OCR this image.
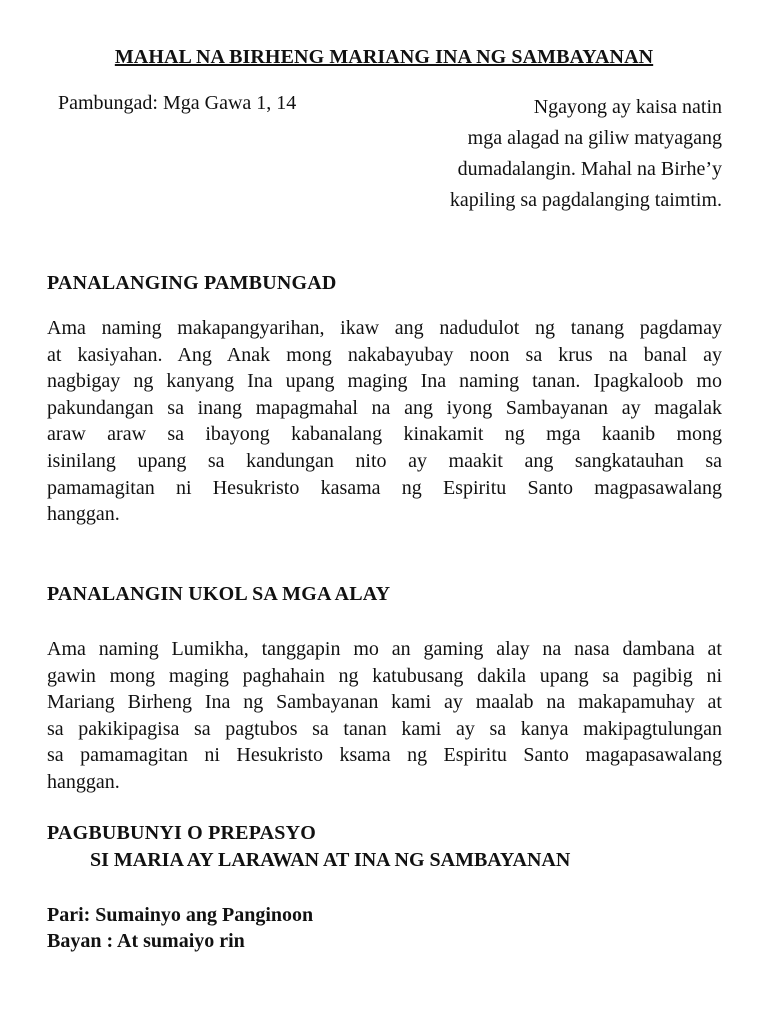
MAHAL NA BIRHENG MARIANG INA NG SAMBAYANAN
Pambungad: Mga Gawa 1, 14	Ngayong ay kaisa natin
mga alagad na giliw matyagang
dumadalangin. Mahal na Birhe’y
kapiling sa pagdalanging taimtim.
PANALANGING PAMBUNGAD
Ama naming makapangyarihan, ikaw ang nadudulot ng tanang pagdamay
at kasiyahan. Ang Anak mong nakabayubay noon sa krus na banal ay
nagbigay ng kanyang Ina upang maging Ina naming tanan. Ipagkaloob mo
pakundangan sa inang mapagmahal na ang iyong Sambayanan ay magalak
araw araw sa ibayong kabanalang kinakamit ng mga kaanib mong
isinilang upang sa kandungan nito ay maakit ang sangkatauhan sa
pamamagitan ni Hesukristo kasama ng Espiritu Santo magpasawalang
hanggan.
PANALANGIN UKOL SA MGA ALAY
Ama naming Lumikha, tanggapin mo an gaming alay na nasa dambana at
gawin mong maging paghahain ng katubusang dakila upang sa pagibig ni
Mariang Birheng Ina ng Sambayanan kami ay maalab na makapamuhay at
sa pakikipagisa sa pagtubos sa tanan kami ay sa kanya makipagtulungan
sa pamamagitan ni Hesukristo ksama ng Espiritu Santo magapasawalang
hanggan.
PAGBUBUNYI O PREPASYO
SI MARIA AY LARAWAN AT INA NG SAMBAYANAN
Pari: Sumainyo ang Panginoon
Bayan : At sumaiyo rin
